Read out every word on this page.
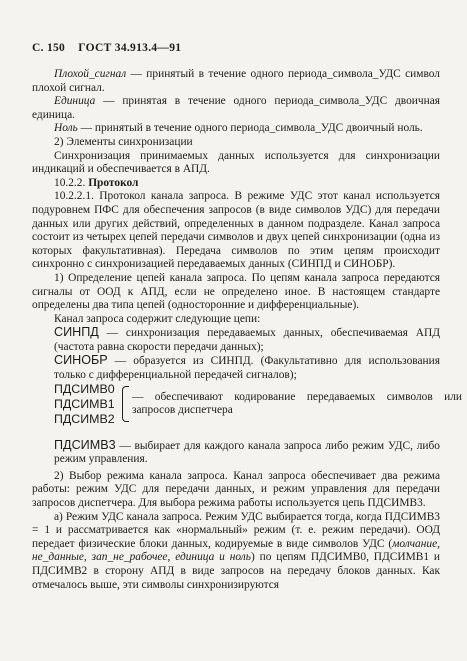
С. 150 ГОСТ 34.913.4—91

Плохой_сигнал — принятый в течение одного периода_символа_УДС символ плохой сигнал.

Единица — принятая в течение одного периода_символа_УДС двоичная единица.

Ноль — принятый в течение одного периода_символа_УДС двоичный ноль.

2) Элементы синхронизации

Синхронизация принимаемых данных используется для синхронизации индикаций и обеспечивается в АПД.

10.2.2. Протокол

10.2.2.1. Протокол канала запроса. В режиме УДС этот канал используется подуровнем ПФС для обеспечения запросов (в виде символов УДС) для передачи данных или других действий, определенных в данном подразделе. Канал запроса состоит из четырех цепей передачи символов и двух цепей синхронизации (одна из которых факультативная). Передача символов по этим цепям происходит синхронно с синхронизацией передаваемых данных (СИНПД и СИНОБР).

1) Определение цепей канала запроса. По цепям канала запроса передаются сигналы от ООД к АПД, если не определено иное. В настоящем стандарте определены два типа цепей (односторонние и дифференциальные).

Канал запроса содержит следующие цепи:

СИНПД — синхронизация передаваемых данных, обеспечиваемая АПД (частота равна скорости передачи данных);

СИНОБР — образуется из СИНПД. (Факультативно для использования только с дифференциальной передачей сигналов);

ПДСИМВ0
ПДСИМВ1
ПДСИМВ2
— обеспечивают кодирование передаваемых символов или запросов диспетчера

ПДСИМВ3 — выбирает для каждого канала запроса либо режим УДС, либо режим управления.

2) Выбор режима канала запроса. Канал запроса обеспечивает два режима работы: режим УДС для передачи данных, и режим управления для передачи запросов диспетчера. Для выбора режима работы используется цепь ПДСИМВ3.

а) Режим УДС канала запроса. Режим УДС выбирается тогда, когда ПДСИМВ3 = 1 и рассматривается как «нормальный» режим (т. е. режим передачи). ООД передает физические блоки данных, кодируемые в виде символов УДС (молчание, не_данные, зап_не_рабочее, единица и ноль) по цепям ПДСИМВ0, ПДСИМВ1 и ПДСИМВ2 в сторону АПД в виде запросов на передачу блоков данных. Как отмечалось выше, эти символы синхронизируются
